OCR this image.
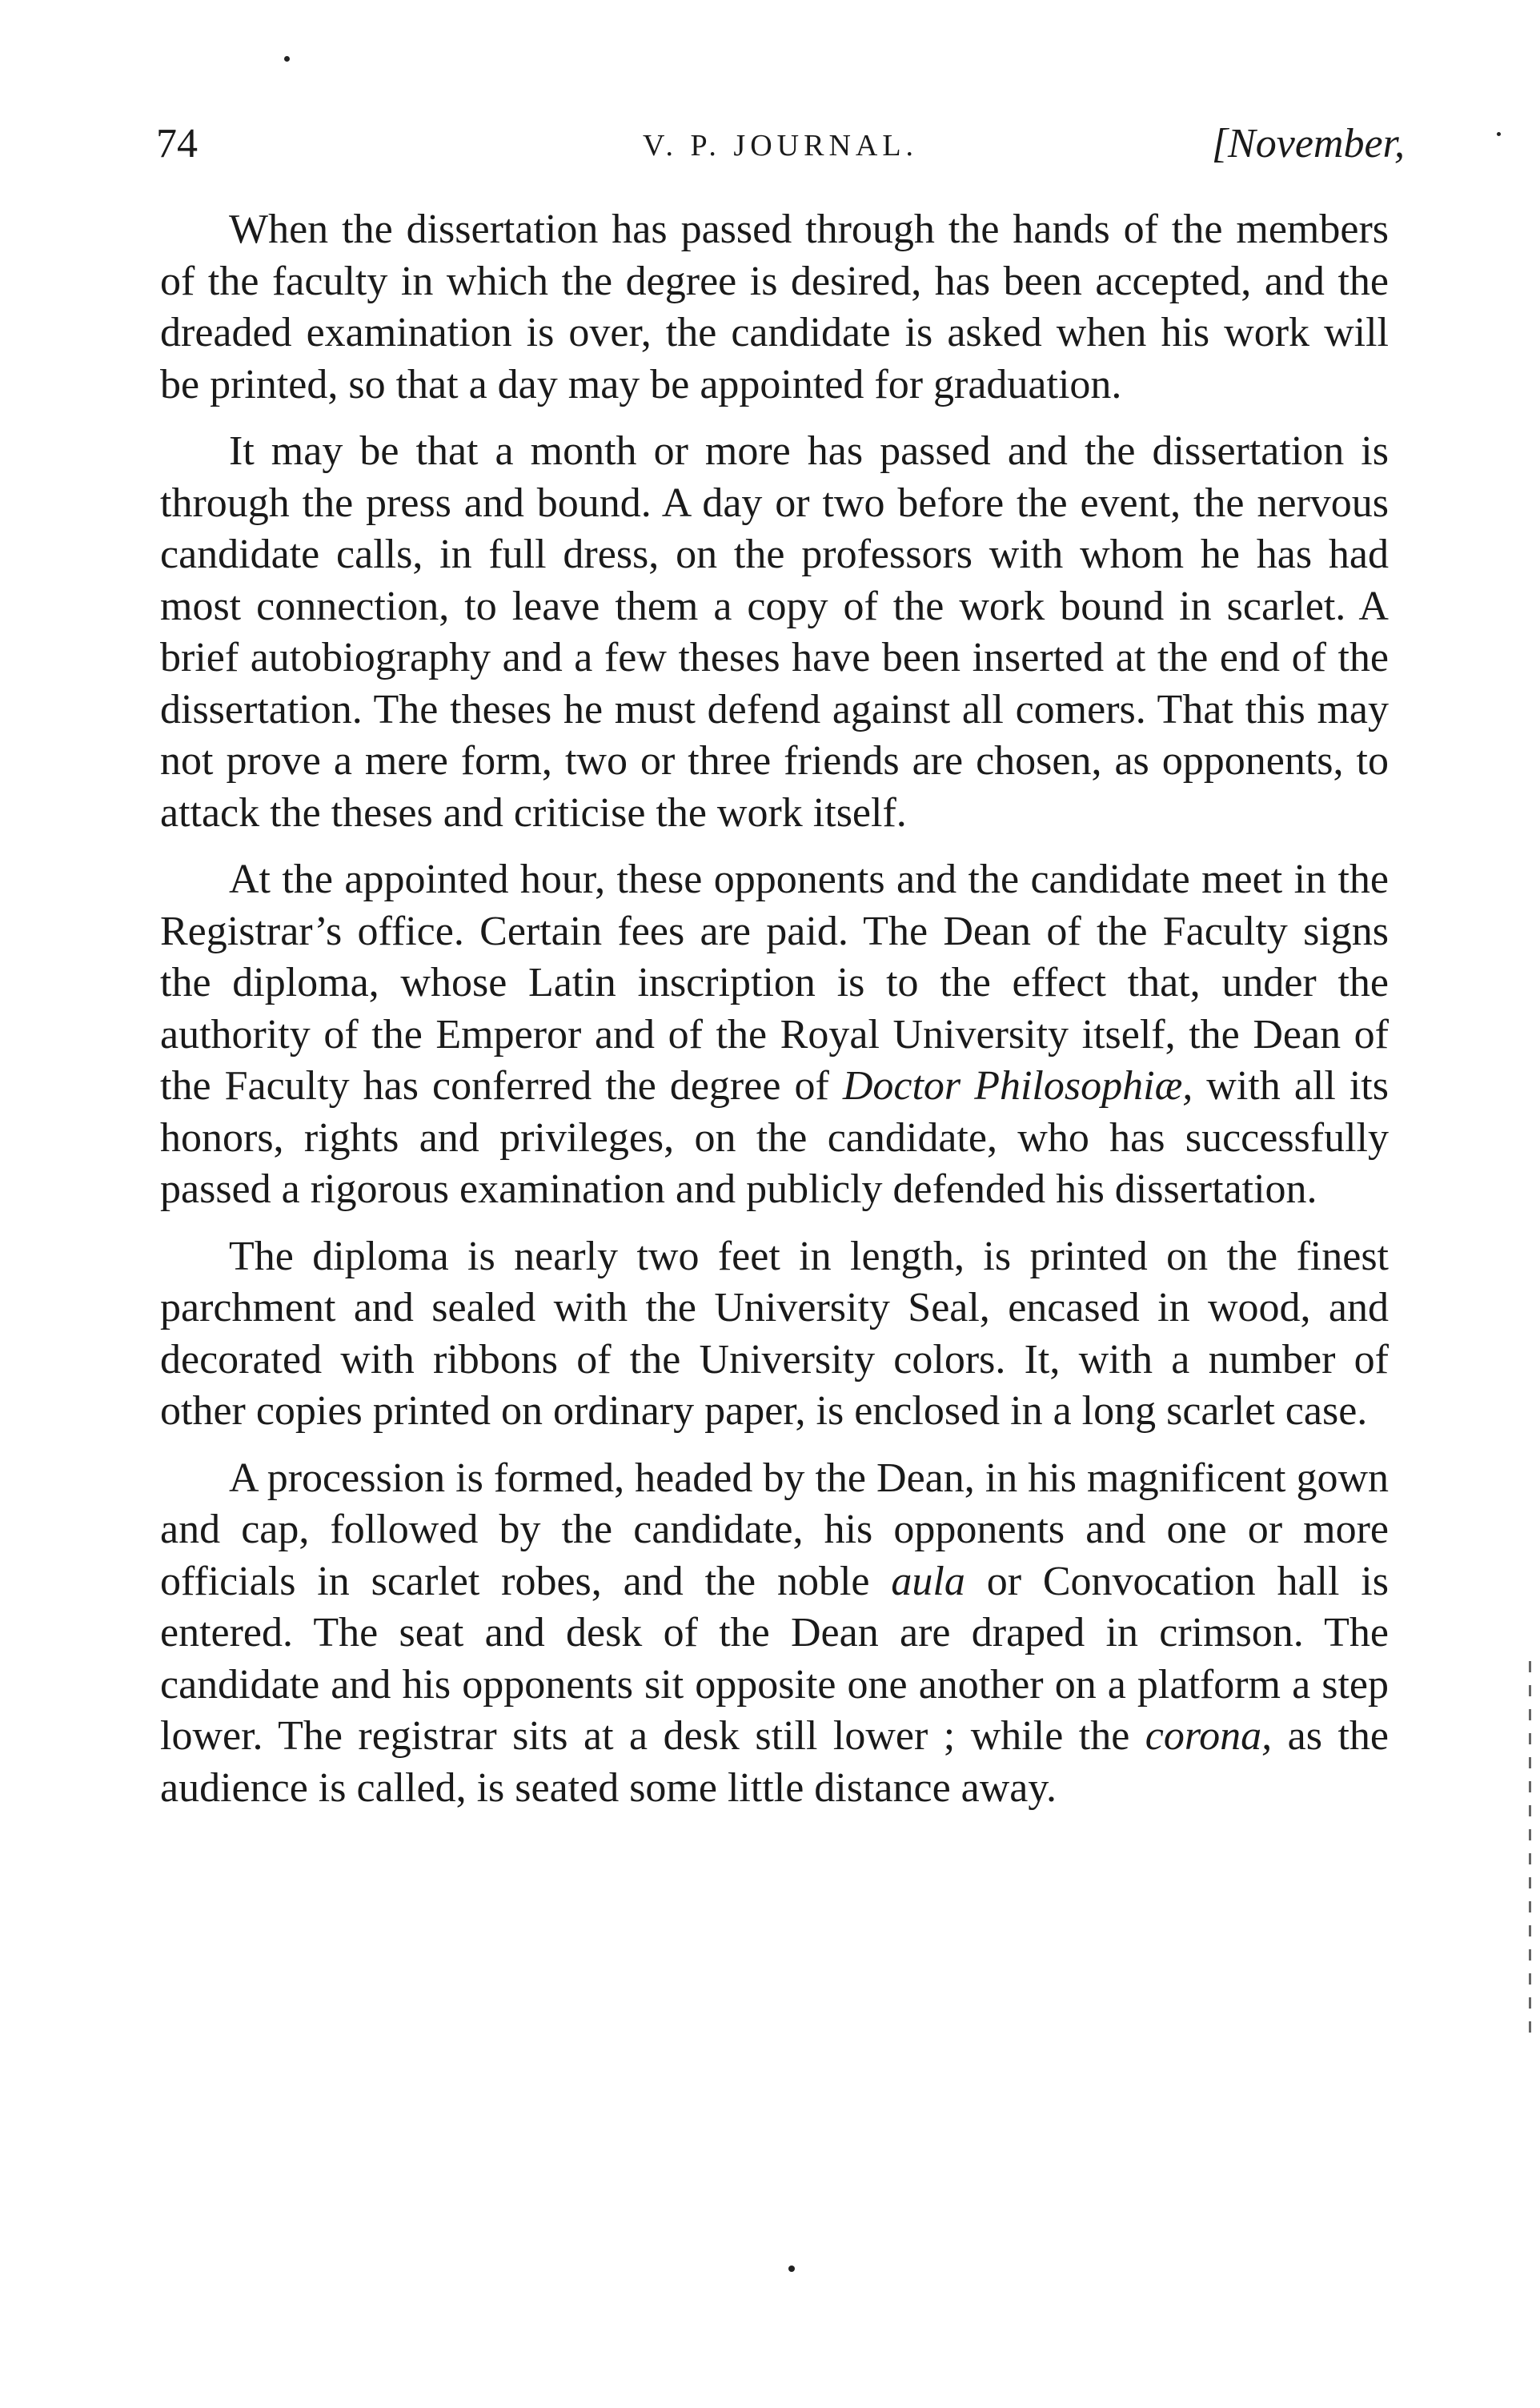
74	V. P. JOURNAL.	[November,

When the dissertation has passed through the hands of the members of the faculty in which the degree is desired, has been accepted, and the dreaded examination is over, the candidate is asked when his work will be printed, so that a day may be appointed for graduation.

It may be that a month or more has passed and the dissertation is through the press and bound. A day or two before the event, the nervous candidate calls, in full dress, on the professors with whom he has had most connection, to leave them a copy of the work bound in scarlet. A brief autobiography and a few theses have been inserted at the end of the dissertation. The theses he must defend against all comers. That this may not prove a mere form, two or three friends are chosen, as opponents, to attack the theses and criticise the work itself.

At the appointed hour, these opponents and the candidate meet in the Registrar’s office. Certain fees are paid. The Dean of the Faculty signs the diploma, whose Latin inscription is to the effect that, under the authority of the Emperor and of the Royal University itself, the Dean of the Faculty has conferred the degree of Doctor Philosophiæ, with all its honors, rights and privileges, on the candidate, who has successfully passed a rigorous examination and publicly defended his dissertation.

The diploma is nearly two feet in length, is printed on the finest parchment and sealed with the University Seal, encased in wood, and decorated with ribbons of the University colors. It, with a number of other copies printed on ordinary paper, is enclosed in a long scarlet case.

A procession is formed, headed by the Dean, in his magnificent gown and cap, followed by the candidate, his opponents and one or more officials in scarlet robes, and the noble aula or Convocation hall is entered. The seat and desk of the Dean are draped in crimson. The candidate and his opponents sit opposite one another on a platform a step lower. The registrar sits at a desk still lower ; while the corona, as the audience is called, is seated some little distance away.
